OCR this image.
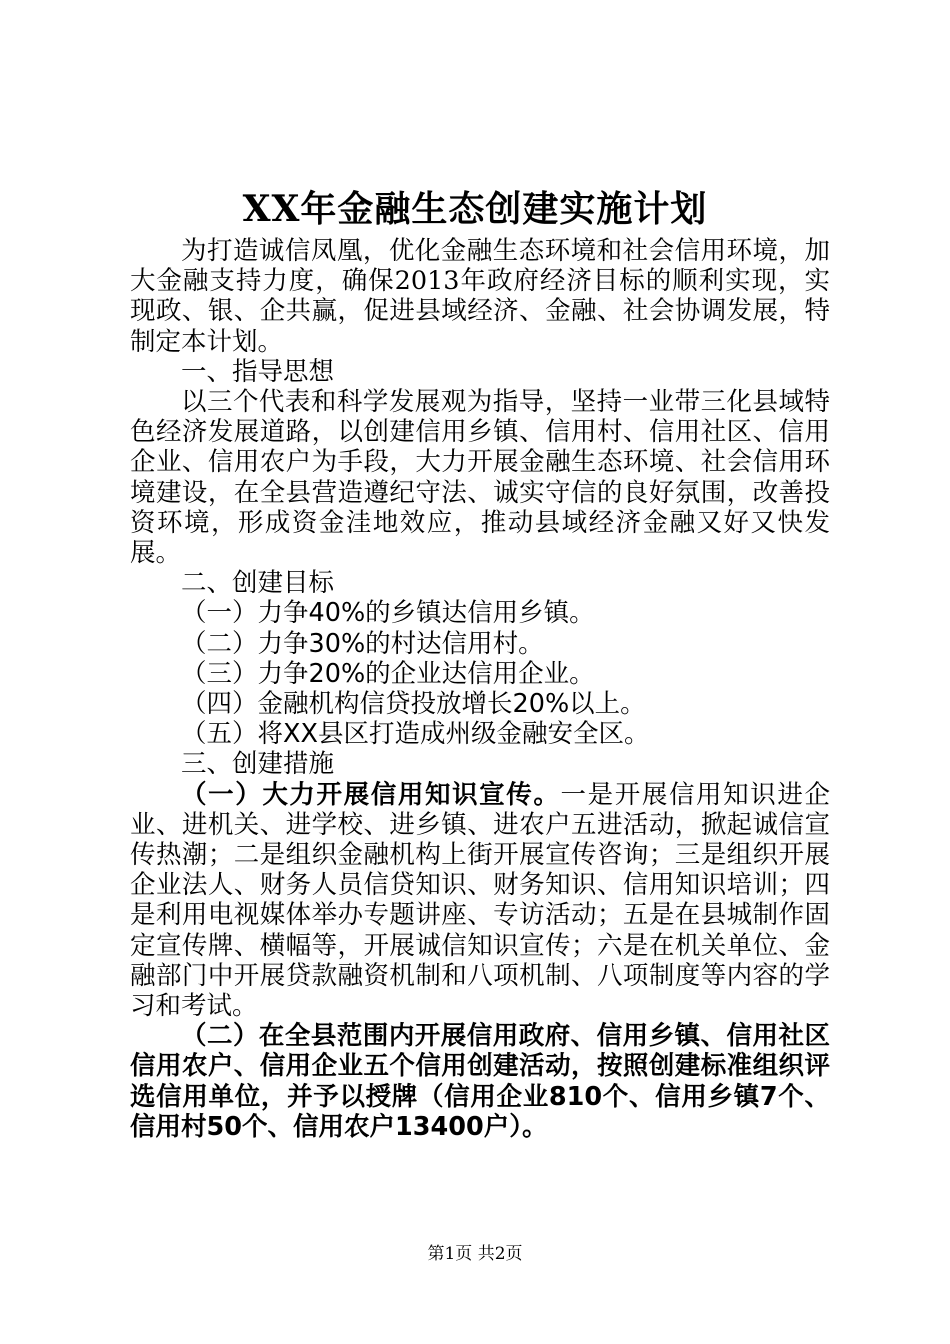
XX年金融生态创建实施计划

为打造诚信凤凰，优化金融生态环境和社会信用环境，加大金融支持力度，确保2013年政府经济目标的顺利实现，实现政、银、企共赢，促进县域经济、金融、社会协调发展，特制定本计划。

一、指导思想

以三个代表和科学发展观为指导，坚持一业带三化县域特色经济发展道路，以创建信用乡镇、信用村、信用社区、信用企业、信用农户为手段，大力开展金融生态环境、社会信用环境建设，在全县营造遵纪守法、诚实守信的良好氛围，改善投资环境，形成资金洼地效应，推动县域经济金融又好又快发展。

二、创建目标

（一）力争40%的乡镇达信用乡镇。

（二）力争30%的村达信用村。

（三）力争20%的企业达信用企业。

（四）金融机构信贷投放增长20%以上。

（五）将XX县区打造成州级金融安全区。

三、创建措施

（一）大力开展信用知识宣传。一是开展信用知识进企业、进机关、进学校、进乡镇、进农户五进活动，掀起诚信宣传热潮；二是组织金融机构上街开展宣传咨询；三是组织开展企业法人、财务人员信贷知识、财务知识、信用知识培训；四是利用电视媒体举办专题讲座、专访活动；五是在县城制作固定宣传牌、横幅等，开展诚信知识宣传；六是在机关单位、金融部门中开展贷款融资机制和八项机制、八项制度等内容的学习和考试。

（二）在全县范围内开展信用政府、信用乡镇、信用社区信用农户、信用企业五个信用创建活动，按照创建标准组织评选信用单位，并予以授牌（信用企业810个、信用乡镇7个、信用村50个、信用农户13400户）。

第1页 共2页
